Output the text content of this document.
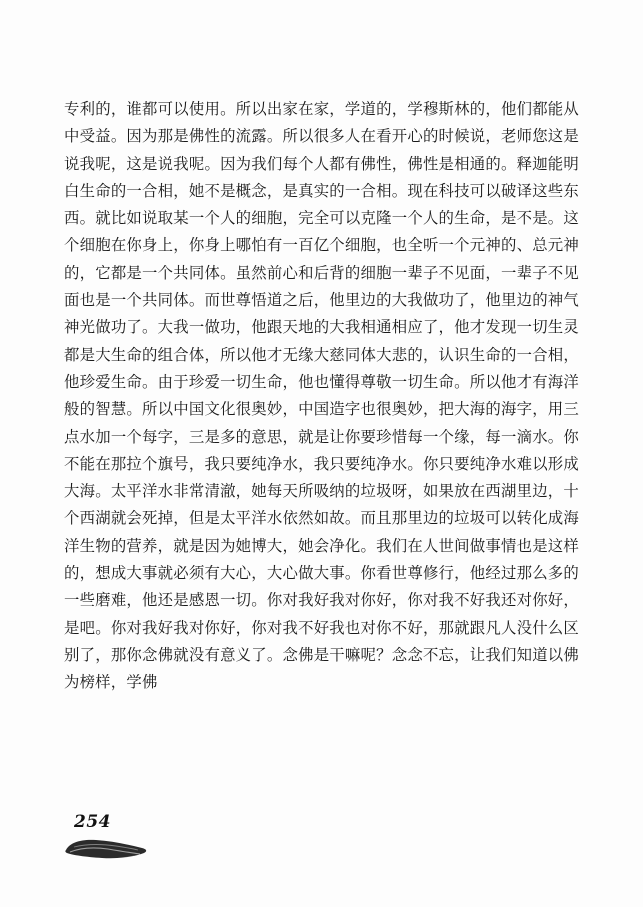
专利的，谁都可以使用。所以出家在家，学道的，学穆斯林的，他们都能从中受益。因为那是佛性的流露。所以很多人在看开心的时候说，老师您这是说我呢，这是说我呢。因为我们每个人都有佛性，佛性是相通的。释迦能明白生命的一合相，她不是概念，是真实的一合相。现在科技可以破译这些东西。就比如说取某一个人的细胞，完全可以克隆一个人的生命，是不是。这个细胞在你身上，你身上哪怕有一百亿个细胞，也全听一个元神的、总元神的，它都是一个共同体。虽然前心和后背的细胞一辈子不见面，一辈子不见面也是一个共同体。而世尊悟道之后，他里边的大我做功了，他里边的神气神光做功了。大我一做功，他跟天地的大我相通相应了，他才发现一切生灵都是大生命的组合体，所以他才无缘大慈同体大悲的，认识生命的一合相，他珍爱生命。由于珍爱一切生命，他也懂得尊敬一切生命。所以他才有海洋般的智慧。所以中国文化很奥妙，中国造字也很奥妙，把大海的海字，用三点水加一个每字，三是多的意思，就是让你要珍惜每一个缘，每一滴水。你不能在那拉个旗号，我只要纯净水，我只要纯净水。你只要纯净水难以形成大海。太平洋水非常清澈，她每天所吸纳的垃圾呀，如果放在西湖里边，十个西湖就会死掉，但是太平洋水依然如故。而且那里边的垃圾可以转化成海洋生物的营养，就是因为她博大，她会净化。我们在人世间做事情也是这样的，想成大事就必须有大心，大心做大事。你看世尊修行，他经过那么多的一些磨难，他还是感恩一切。你对我好我对你好，你对我不好我还对你好，是吧。你对我好我对你好，你对我不好我也对你不好，那就跟凡人没什么区别了，那你念佛就没有意义了。念佛是干嘛呢？念念不忘，让我们知道以佛为榜样，学佛
254
